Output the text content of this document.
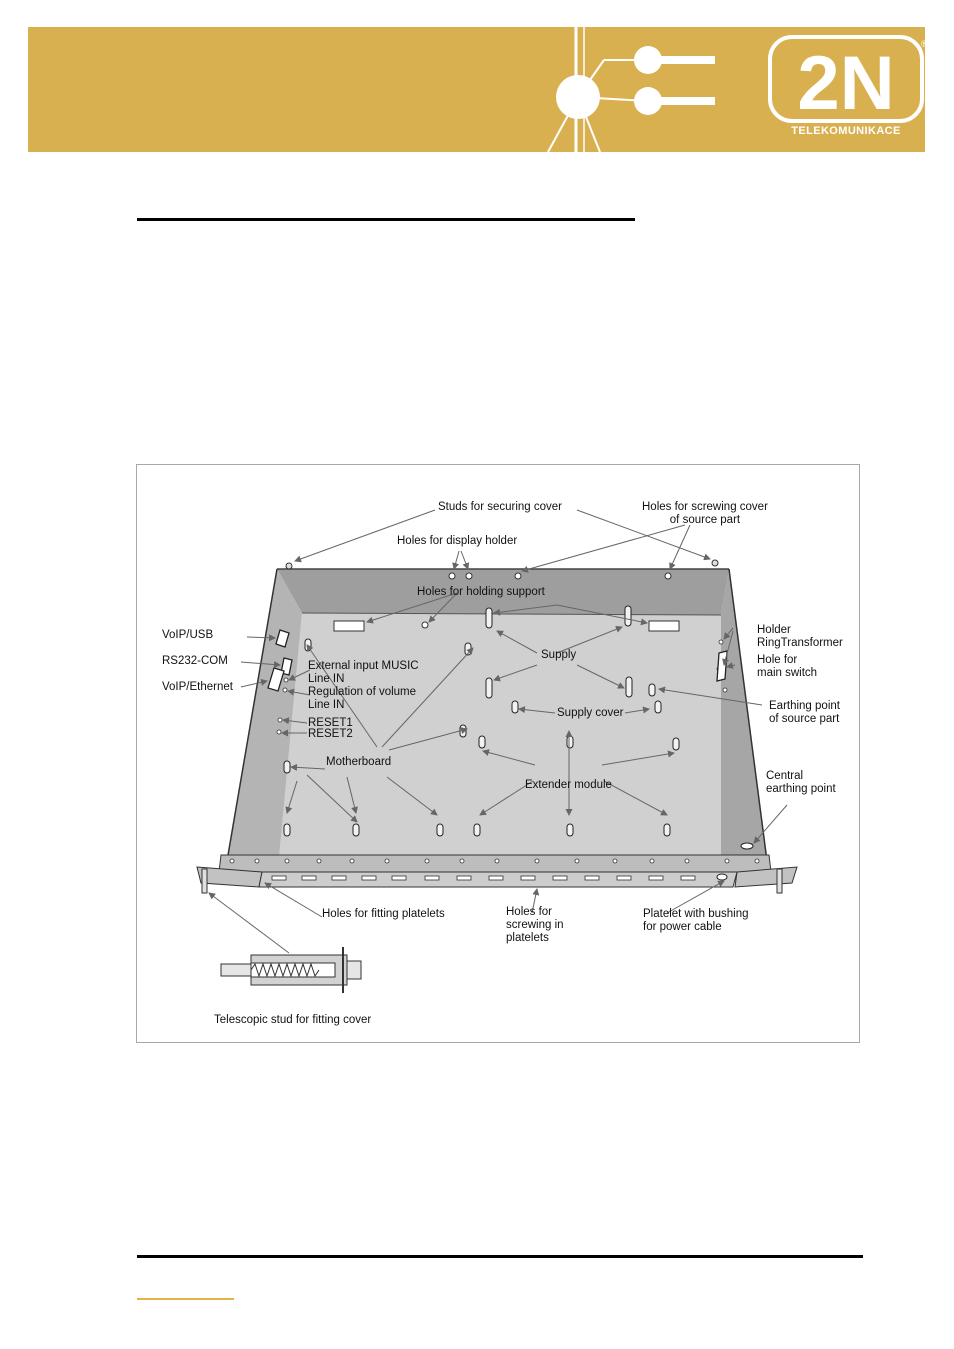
2N	®
TELEKOMUNIKACE
Studs for securing cover	Holes for screwing cover
of source part
Holes for display holder
Holes for holding support
VoIP/USB
RS232-COM
VoIP/Ethernet
External input MUSIC
Line IN
Regulation of volume
Line IN
RESET1
RESET2
Supply
Supply cover
Holder
RingTransformer
Hole for
main switch
Earthing point
of source part
Motherboard
Extender module
Central
earthing point
Holes for fitting platelets	Holes for
screwing in
platelets
Platelet with bushing
for power cable
Telescopic stud for fitting cover
